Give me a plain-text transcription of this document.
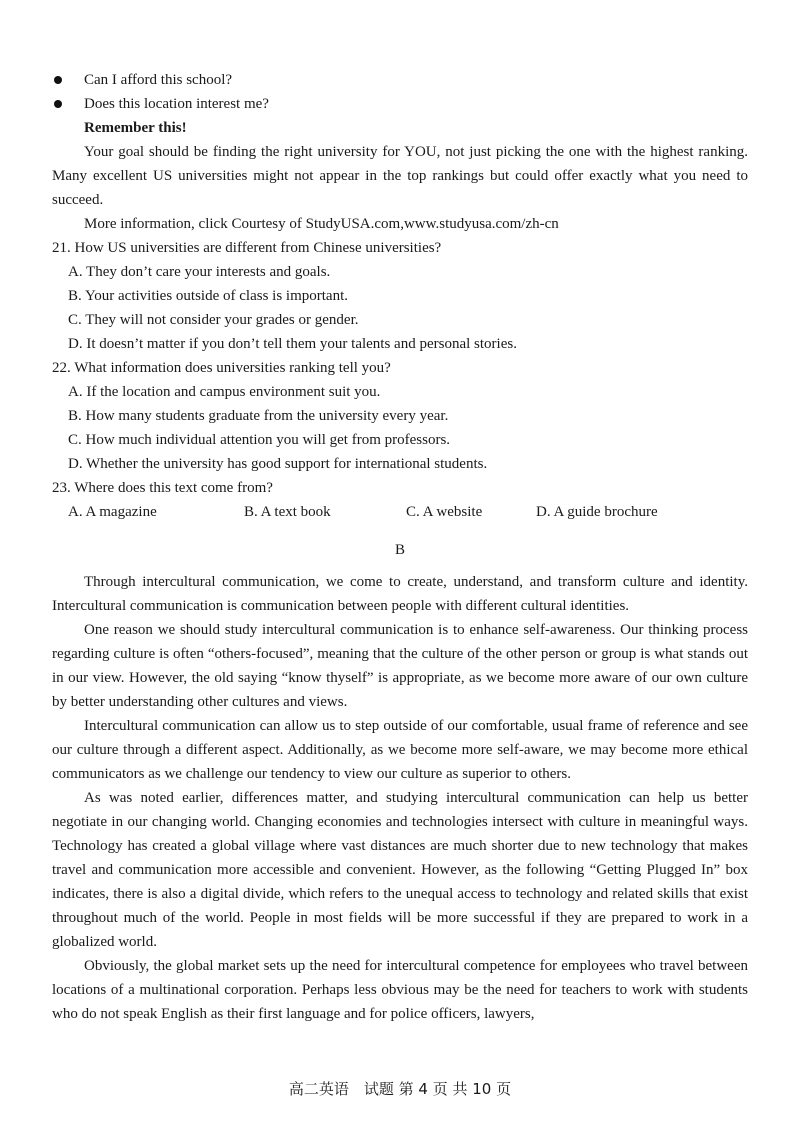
Can I afford this school?
Does this location interest me?

Remember this!

Your goal should be finding the right university for YOU, not just picking the one with the highest ranking. Many excellent US universities might not appear in the top rankings but could offer exactly what you need to succeed.

More information, click Courtesy of StudyUSA.com,www.studyusa.com/zh-cn

21. How US universities are different from Chinese universities?

A. They don’t care your interests and goals.

B. Your activities outside of class is important.

C. They will not consider your grades or gender.

D. It doesn’t matter if you don’t tell them your talents and personal stories.

22. What information does universities ranking tell you?

A. If the location and campus environment suit you.

B. How many students graduate from the university every year.

C. How much individual attention you will get from professors.

D. Whether the university has good support for international students.

23. Where does this text come from?

A. A magazine	B. A text book	C. A website	D. A guide brochure

B

Through intercultural communication, we come to create, understand, and transform culture and identity. Intercultural communication is communication between people with different cultural identities.

One reason we should study intercultural communication is to enhance self-awareness. Our thinking process regarding culture is often “others-focused”, meaning that the culture of the other person or group is what stands out in our view. However, the old saying “know thyself” is appropriate, as we become more aware of our own culture by better understanding other cultures and views.

Intercultural communication can allow us to step outside of our comfortable, usual frame of reference and see our culture through a different aspect. Additionally, as we become more self-aware, we may become more ethical communicators as we challenge our tendency to view our culture as superior to others.

As was noted earlier, differences matter, and studying intercultural communication can help us better negotiate in our changing world. Changing economies and technologies intersect with culture in meaningful ways. Technology has created a global village where vast distances are much shorter due to new technology that makes travel and communication more accessible and convenient. However, as the following “Getting Plugged In” box indicates, there is also a digital divide, which refers to the unequal access to technology and related skills that exist throughout much of the world. People in most fields will be more successful if they are prepared to work in a globalized world.

Obviously, the global market sets up the need for intercultural competence for employees who travel between locations of a multinational corporation. Perhaps less obvious may be the need for teachers to work with students who do not speak English as their first language and for police officers, lawyers,

高二英语　试题 第 4 页 共 10 页
